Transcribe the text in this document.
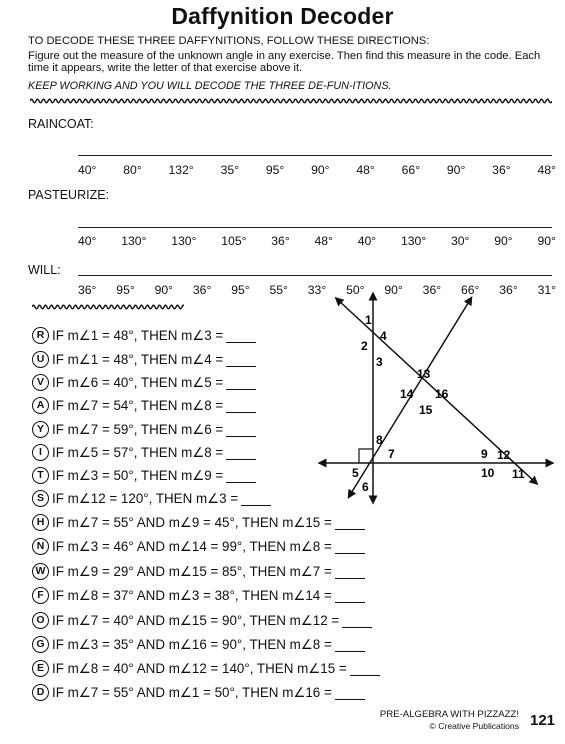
Daffynition Decoder
TO DECODE THESE THREE DAFFYNITIONS, FOLLOW THESE DIRECTIONS:
Figure out the measure of the unknown angle in any exercise. Then find this measure in the code. Each time it appears, write the letter of that exercise above it.
KEEP WORKING AND YOU WILL DECODE THE THREE DE-FUN-ITIONS.
RAINCOAT:
40° 80° 132° 35° 95° 90° 48° 66° 90° 36° 48°
PASTEURIZE:
40° 130° 130° 105° 36° 48° 40° 130° 30° 90° 90°
WILL:
36° 95° 90° 36° 95° 55° 33° 50° 90° 36° 66° 36° 31°
R IF m∠1 = 48°, THEN m∠3 =
U IF m∠1 = 48°, THEN m∠4 =
V IF m∠6 = 40°, THEN m∠5 =
A IF m∠7 = 54°, THEN m∠8 =
Y IF m∠7 = 59°, THEN m∠6 =
I IF m∠5 = 57°, THEN m∠8 =
T IF m∠3 = 50°, THEN m∠9 =
S IF m∠12 = 120°, THEN m∠3 =
H IF m∠7 = 55° AND m∠9 = 45°, THEN m∠15 =
N IF m∠3 = 46° AND m∠14 = 99°, THEN m∠8 =
W IF m∠9 = 29° AND m∠15 = 85°, THEN m∠7 =
F IF m∠8 = 37° AND m∠3 = 38°, THEN m∠14 =
O IF m∠7 = 40° AND m∠15 = 90°, THEN m∠12 =
G IF m∠3 = 35° AND m∠16 = 90°, THEN m∠8 =
E IF m∠8 = 40° AND m∠12 = 140°, THEN m∠15 =
D IF m∠7 = 55° AND m∠1 = 50°, THEN m∠16 =
1
2
3
4
13
14 16
15
8
5
7
6
9 12
10 11
PRE-ALGEBRA WITH PIZZAZZ!
© Creative Publications 121
